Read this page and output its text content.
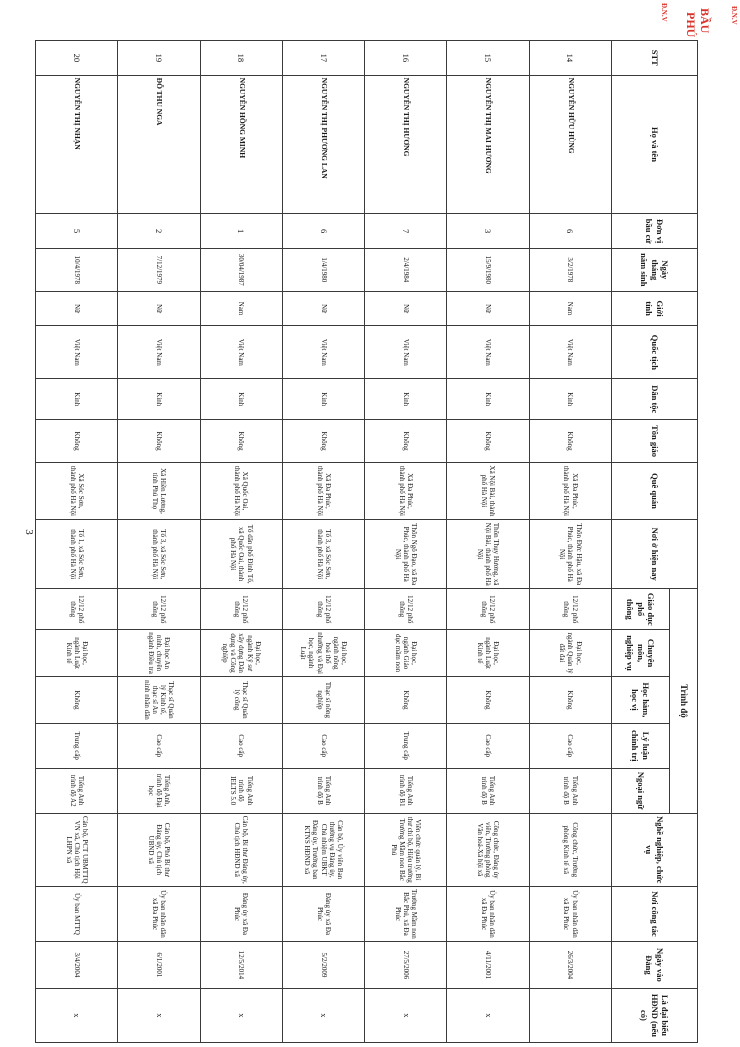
3
Đ.N.V	BẦU
PHÚ	Đ.N.V
STT	Họ và tên	Đơn vị bầu cử	Ngày tháng năm sinh	Giới tính	Quốc tịch	Dân tộc	Tôn giáo	Quê quán	Nơi ở hiện nay	Trình độ					Nghề nghiệp, chức vụ	Nơi công tác	Ngày vào Đảng	Là đại biểu HĐND (nếu có)
										Giáo dục phổ thông	Chuyên môn, nghiệp vụ	Học hàm, học vị	Lý luận chính trị	Ngoại ngữ				
14	NGUYỄN HỮU HÙNG	6	3/2/1978	Nam	Việt Nam	Kinh	Không	Xã Đa Phúc, thành phố Hà Nội	Thôn Đức Hậu, xã Đa Phúc, thành phố Hà Nội	12/12 phổ thông	Đại học, ngành Quản lý đất đai	Không	Cao cấp	Tiếng Anh trình độ B	Công chức, Trưởng phòng Kinh tế xã	Ủy ban nhân dân xã Đa Phúc	26/3/2004	
15	NGUYỄN THỊ MAI HƯƠNG	3	15/9/1980	Nữ	Việt Nam	Kinh	Không	Xã Nội Bài, thành phố Hà Nội	Thôn Thụy Hương, xã Nội Bài, thành phố Hà Nội	12/12 phổ thông	Đại học, ngành Luật Kinh tế	Không	Cao cấp	Tiếng Anh trình độ B	Công chức, Đảng ủy viên, Trưởng phòng Văn hoá-Xã hội xã	Ủy ban nhân dân xã Đa Phúc	4/11/2001	x
16	NGUYỄN THỊ HƯƠNG	7	2/4/1984	Nữ	Việt Nam	Kinh	Không	Xã Đa Phúc, thành phố Hà Nội	Thôn Ngô Đạo, xã Đa Phúc, thành phố Hà Nội	12/12 phổ thông	Đại học, ngành Giáo dục mầm non	Không	Trung cấp	Tiếng Anh trình độ B1	Viên chức quản lý, Bí thư chi bộ, Hiệu trưởng Trường Mầm non Bắc Phú	Trường Mầm non Bắc Phú, xã Đa Phúc	27/5/2006	x
17	NGUYỄN THỊ PHƯƠNG LAN	6	1/4/1980	Nữ	Việt Nam	Kinh	Không	Xã Đa Phúc, thành phố Hà Nội	Tổ 3, xã Sóc Sơn, thành phố Hà Nội	12/12 phổ thông	Đại học, ngành nông hoá thổ nhưỡng và Đại học, ngành Luật	Thạc sĩ nông nghiệp	Cao cấp	Tiếng Anh trình độ B	Cán bộ, Ủy viên Ban thường vụ Đảng ủy, Chủ nhiệm UBKT Đảng ủy, Trưởng ban KTNS HĐND xã	Đảng ủy xã Đa Phúc	5/2/2009	x
18	NGUYỄN HỒNG MINH	1	30/04/1987	Nam	Việt Nam	Kinh	Không	Xã Quốc Oai, thành phố Hà Nội	Tổ dân phố Đình Tổ, xã Quốc Oai, thành phố Hà Nội	12/12 phổ thông	Đại học, ngành Kỹ sư xây dựng Dân dụng và Công nghiệp	Thạc sĩ Quản lý công	Cao cấp	Tiếng Anh trình độ IELTS 5.0	Cán bộ, Bí thư Đảng ủy, Chủ tịch HĐND xã	Đảng ủy xã Đa Phúc	12/5/2014	x
19	ĐỖ THU NGA	2	7/12/1979	Nữ	Việt Nam	Kinh	Không	Xã Hiền Lương, tỉnh Phú Thọ	Tổ 3, xã Sóc Sơn, thành phố Hà Nội	12/12 phổ thông	Đại học An ninh, chuyên ngành Điều tra	Thạc sĩ Quản lý Kinh tế, thạc sĩ An ninh nhân dân	Cao cấp	Tiếng Anh, trình độ Đại học	Cán bộ, Phó Bí thư Đảng ủy, Chủ tịch UBND xã	Ủy ban nhân dân xã Đa Phúc	6/1/2001	x
20	NGUYỄN THỊ NHẠN	5	10/4/1978	Nữ	Việt Nam	Kinh	Không	Xã Sóc Sơn, thành phố Hà Nội	Tổ 1, xã Sóc Sơn, thành phố Hà Nội	12/12 phổ thông	Đại học, ngành Luật Kinh tế	Không	Trung cấp	Tiếng Anh trình độ A2	Cán bộ, PCT UBMTTQ VN xã, Chủ tịch Hội LHPN xã	Ủy ban MTTQ	3/4/2004	x
